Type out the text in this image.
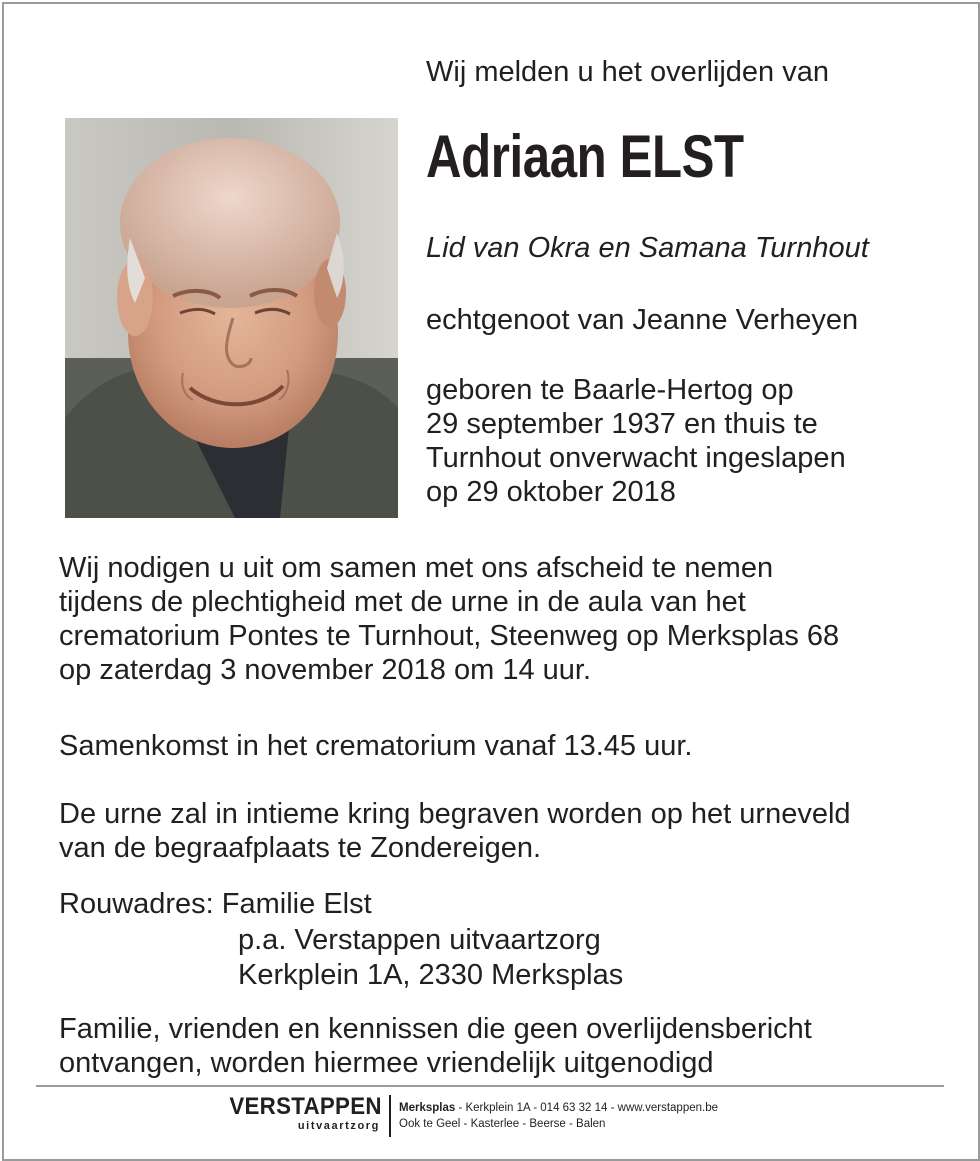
Wij melden u het overlijden van

Adriaan ELST

Lid van Okra en Samana Turnhout

echtgenoot van Jeanne Verheyen

geboren te Baarle-Hertog op
29 september 1937 en thuis te
Turnhout onverwacht ingeslapen
op 29 oktober 2018
Wij nodigen u uit om samen met ons afscheid te nemen
tijdens de plechtigheid met de urne in de aula van het
crematorium Pontes te Turnhout, Steenweg op Merksplas 68
op zaterdag 3 november 2018 om 14 uur.

Samenkomst in het crematorium vanaf 13.45 uur.

De urne zal in intieme kring begraven worden op het urneveld
van de begraafplaats te Zondereigen.

Rouwadres: Familie Elst

p.a. Verstappen uitvaartzorg

Kerkplein 1A, 2330 Merksplas

Familie, vrienden en kennissen die geen overlijdensbericht
ontvangen, worden hiermee vriendelijk uitgenodigd
VERSTAPPEN
uitvaartzorg
Merksplas - Kerkplein 1A - 014 63 32 14 - www.verstappen.be
Ook te Geel - Kasterlee - Beerse - Balen
